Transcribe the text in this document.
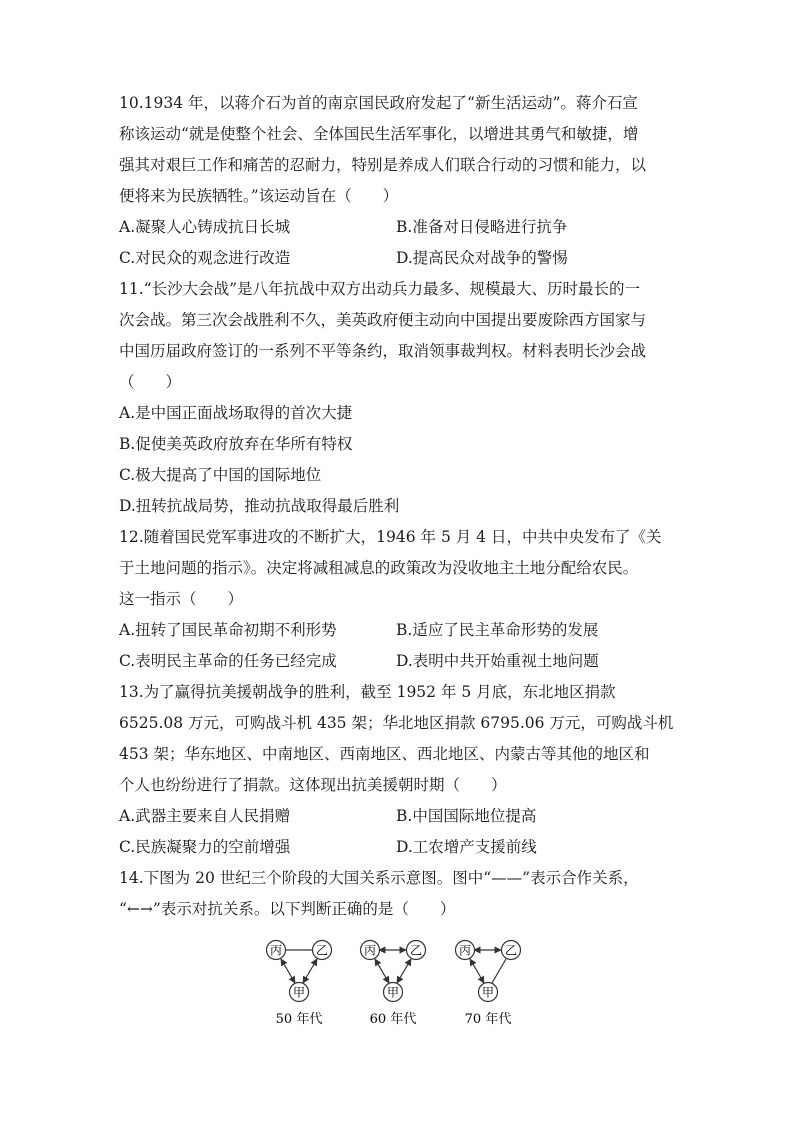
10.1934 年，以蒋介石为首的南京国民政府发起了“新生活运动”。蒋介石宣
称该运动“就是使整个社会、全体国民生活军事化，以增进其勇气和敏捷，增
强其对艰巨工作和痛苦的忍耐力，特别是养成人们联合行动的习惯和能力，以
便将来为民族牺牲。”该运动旨在（　　）
A.凝聚人心铸成抗日长城	B.准备对日侵略进行抗争
C.对民众的观念进行改造	D.提高民众对战争的警惕
11.“长沙大会战”是八年抗战中双方出动兵力最多、规模最大、历时最长的一
次会战。第三次会战胜利不久，美英政府便主动向中国提出要废除西方国家与
中国历届政府签订的一系列不平等条约，取消领事裁判权。材料表明长沙会战
（　　）
A.是中国正面战场取得的首次大捷
B.促使美英政府放弃在华所有特权
C.极大提高了中国的国际地位
D.扭转抗战局势，推动抗战取得最后胜利
12.随着国民党军事进攻的不断扩大，1946 年 5 月 4 日，中共中央发布了《关
于土地问题的指示》。决定将减租减息的政策改为没收地主土地分配给农民。
这一指示（　　）
A.扭转了国民革命初期不利形势	B.适应了民主革命形势的发展
C.表明民主革命的任务已经完成	D.表明中共开始重视土地问题
13.为了赢得抗美援朝战争的胜利，截至 1952 年 5 月底，东北地区捐款
6525.08 万元，可购战斗机 435 架；华北地区捐款 6795.06 万元，可购战斗机
453 架；华东地区、中南地区、西南地区、西北地区、内蒙古等其他的地区和
个人也纷纷进行了捐款。这体现出抗美援朝时期（　　）
A.武器主要来自人民捐赠	B.中国国际地位提高
C.民族凝聚力的空前增强	D.工农增产支援前线
14.下图为 20 世纪三个阶段的大国关系示意图。图中“——”表示合作关系，
“←→”表示对抗关系。以下判断正确的是（　　）
丙	乙
甲
50 年代
丙	乙
甲
60 年代
丙	乙
甲
70 年代
